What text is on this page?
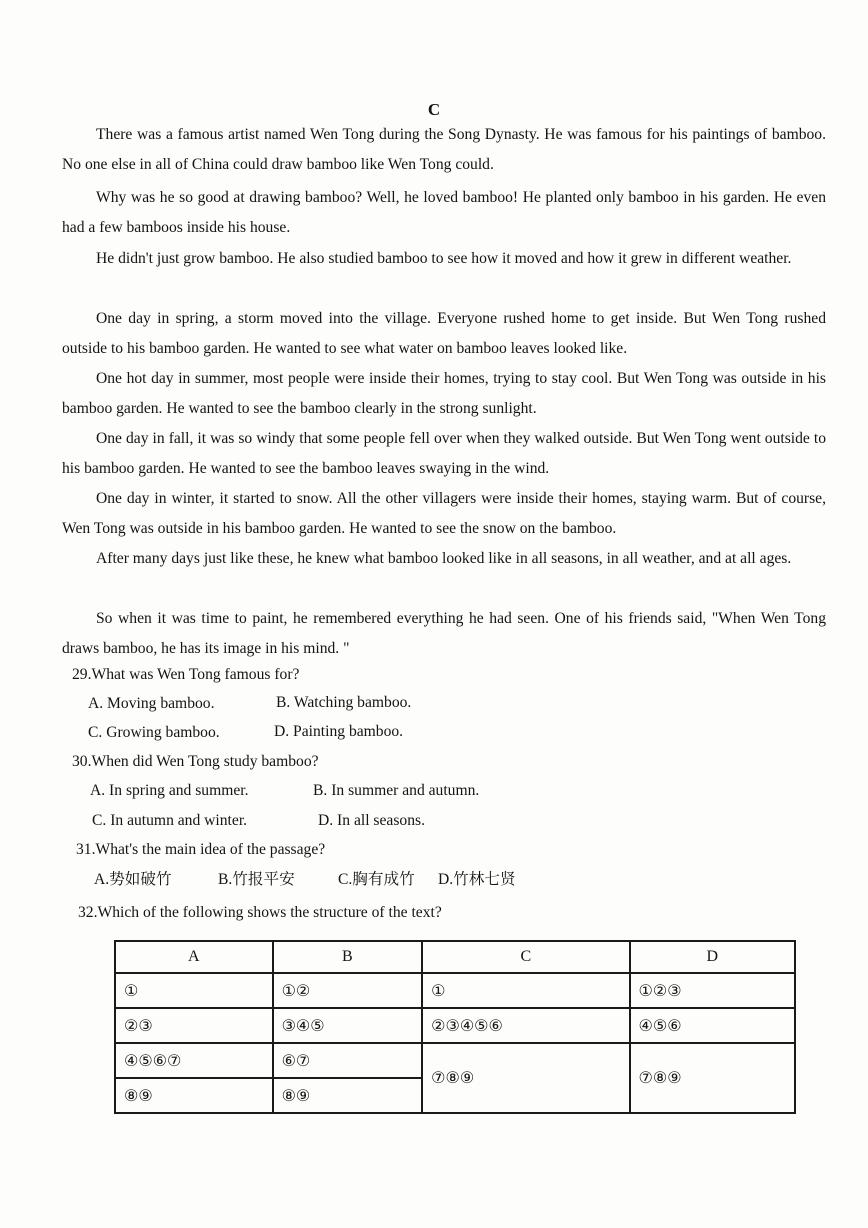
C

There was a famous artist named Wen Tong during the Song Dynasty. He was famous for his paintings of bamboo. No one else in all of China could draw bamboo like Wen Tong could.

Why was he so good at drawing bamboo? Well, he loved bamboo! He planted only bamboo in his garden. He even had a few bamboos inside his house.

He didn't just grow bamboo. He also studied bamboo to see how it moved and how it grew in different weather.

One day in spring, a storm moved into the village. Everyone rushed home to get inside. But Wen Tong rushed outside to his bamboo garden. He wanted to see what water on bamboo leaves looked like.

One hot day in summer, most people were inside their homes, trying to stay cool. But Wen Tong was outside in his bamboo garden. He wanted to see the bamboo clearly in the strong sunlight.

One day in fall, it was so windy that some people fell over when they walked outside. But Wen Tong went outside to his bamboo garden. He wanted to see the bamboo leaves swaying in the wind.

One day in winter, it started to snow. All the other villagers were inside their homes, staying warm. But of course, Wen Tong was outside in his bamboo garden. He wanted to see the snow on the bamboo.

After many days just like these, he knew what bamboo looked like in all seasons, in all weather, and at all ages.

So when it was time to paint, he remembered everything he had seen. One of his friends said, "When Wen Tong draws bamboo, he has its image in his mind. "

29.What was Wen Tong famous for?
A. Moving bamboo.	B. Watching bamboo.
C. Growing bamboo.	D. Painting bamboo.
30.When did Wen Tong study bamboo?
A. In spring and summer.	B. In summer and autumn.
C. In autumn and winter.	D. In all seasons.
31.What's the main idea of the passage?
A.势如破竹	B.竹报平安	C.胸有成竹 D.竹林七贤
32.Which of the following shows the structure of the text?
A	B	C	D
①	①②	①	①②③
②③	③④⑤	②③④⑤⑥	④⑤⑥
④⑤⑥⑦	⑥⑦	⑦⑧⑨	⑦⑧⑨
⑧⑨	⑧⑨		
